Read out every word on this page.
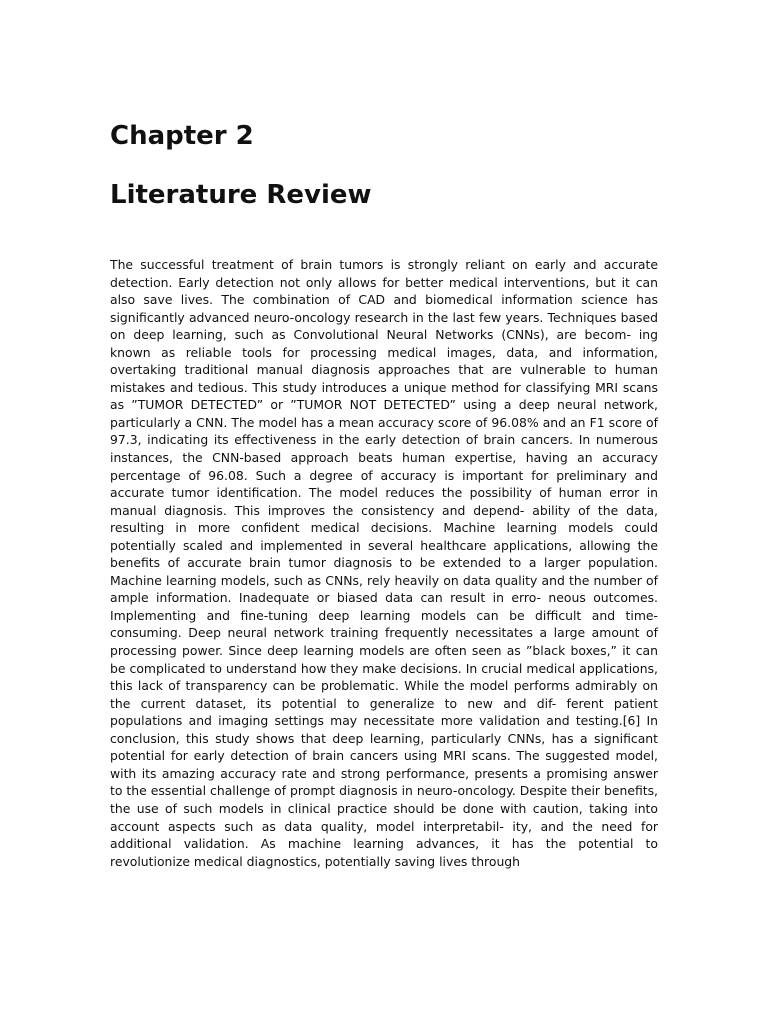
Chapter 2
Literature Review

The successful treatment of brain tumors is strongly reliant on early and accurate detection. Early detection not only allows for better medical interventions, but it can also save lives. The combination of CAD and biomedical information science has significantly advanced neuro-oncology research in the last few years. Techniques based on deep learning, such as Convolutional Neural Networks (CNNs), are becom- ing known as reliable tools for processing medical images, data, and information, overtaking traditional manual diagnosis approaches that are vulnerable to human mistakes and tedious. This study introduces a unique method for classifying MRI scans as ”TUMOR DETECTED” or ”TUMOR NOT DETECTED” using a deep neural network, particularly a CNN. The model has a mean accuracy score of 96.08% and an F1 score of 97.3, indicating its effectiveness in the early detection of brain cancers. In numerous instances, the CNN-based approach beats human expertise, having an accuracy percentage of 96.08. Such a degree of accuracy is important for preliminary and accurate tumor identification. The model reduces the possibility of human error in manual diagnosis. This improves the consistency and depend- ability of the data, resulting in more confident medical decisions. Machine learning models could potentially scaled and implemented in several healthcare applications, allowing the benefits of accurate brain tumor diagnosis to be extended to a larger population. Machine learning models, such as CNNs, rely heavily on data quality and the number of ample information. Inadequate or biased data can result in erro- neous outcomes. Implementing and fine-tuning deep learning models can be difficult and time-consuming. Deep neural network training frequently necessitates a large amount of processing power. Since deep learning models are often seen as ”black boxes,” it can be complicated to understand how they make decisions. In crucial medical applications, this lack of transparency can be problematic. While the model performs admirably on the current dataset, its potential to generalize to new and dif- ferent patient populations and imaging settings may necessitate more validation and testing.[6] In conclusion, this study shows that deep learning, particularly CNNs, has a significant potential for early detection of brain cancers using MRI scans. The suggested model, with its amazing accuracy rate and strong performance, presents a promising answer to the essential challenge of prompt diagnosis in neuro-oncology. Despite their benefits, the use of such models in clinical practice should be done with caution, taking into account aspects such as data quality, model interpretabil- ity, and the need for additional validation. As machine learning advances, it has the potential to revolutionize medical diagnostics, potentially saving lives through
